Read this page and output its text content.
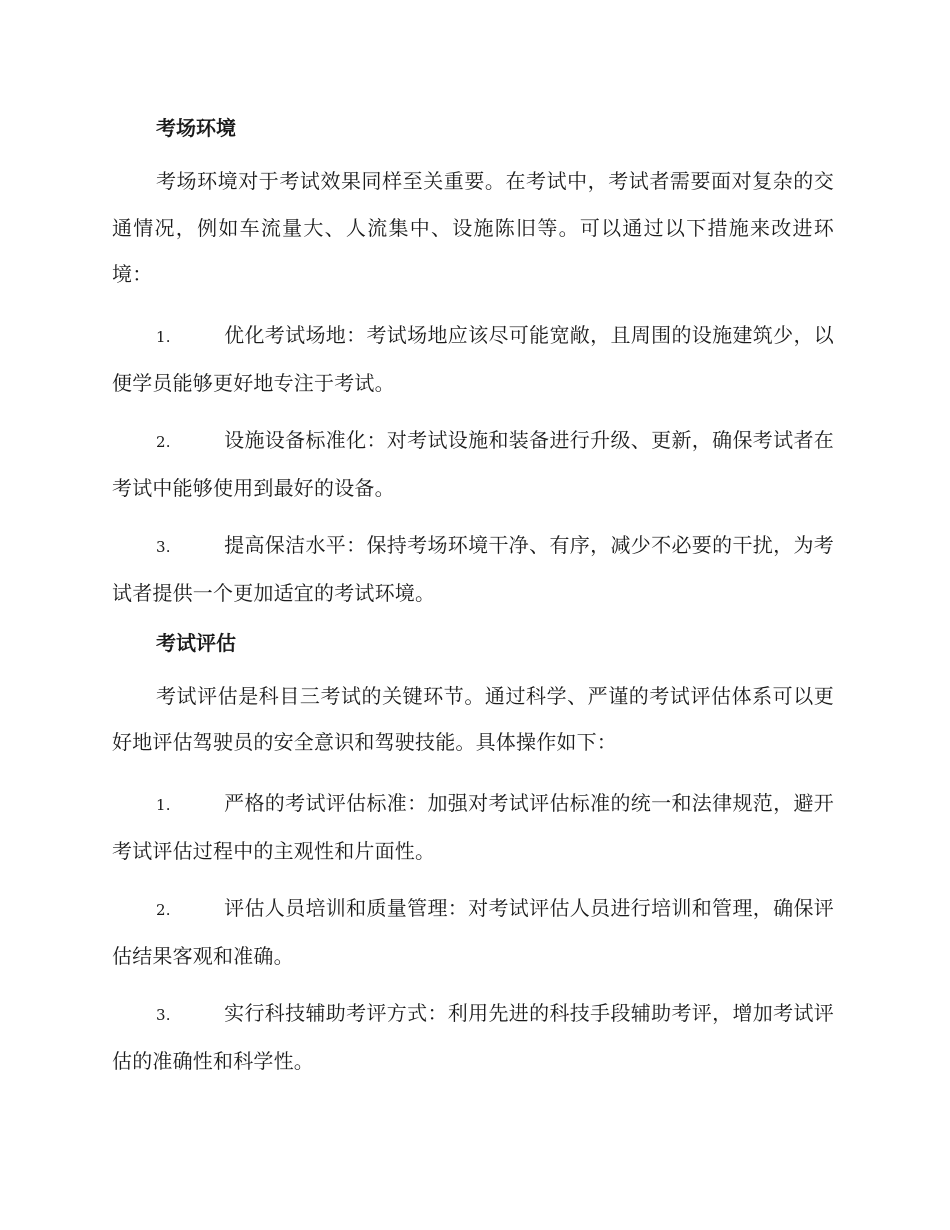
考场环境

考场环境对于考试效果同样至关重要。在考试中，考试者需要面对复杂的交通情况，例如车流量大、人流集中、设施陈旧等。可以通过以下措施来改进环境：

1.	优化考试场地：考试场地应该尽可能宽敞，且周围的设施建筑少，以便学员能够更好地专注于考试。

2.	设施设备标准化：对考试设施和装备进行升级、更新，确保考试者在考试中能够使用到最好的设备。

3.	提高保洁水平：保持考场环境干净、有序，减少不必要的干扰，为考试者提供一个更加适宜的考试环境。

考试评估

考试评估是科目三考试的关键环节。通过科学、严谨的考试评估体系可以更好地评估驾驶员的安全意识和驾驶技能。具体操作如下：

1.	严格的考试评估标准：加强对考试评估标准的统一和法律规范，避开考试评估过程中的主观性和片面性。

2.	评估人员培训和质量管理：对考试评估人员进行培训和管理，确保评估结果客观和准确。

3.	实行科技辅助考评方式：利用先进的科技手段辅助考评，增加考试评估的准确性和科学性。
